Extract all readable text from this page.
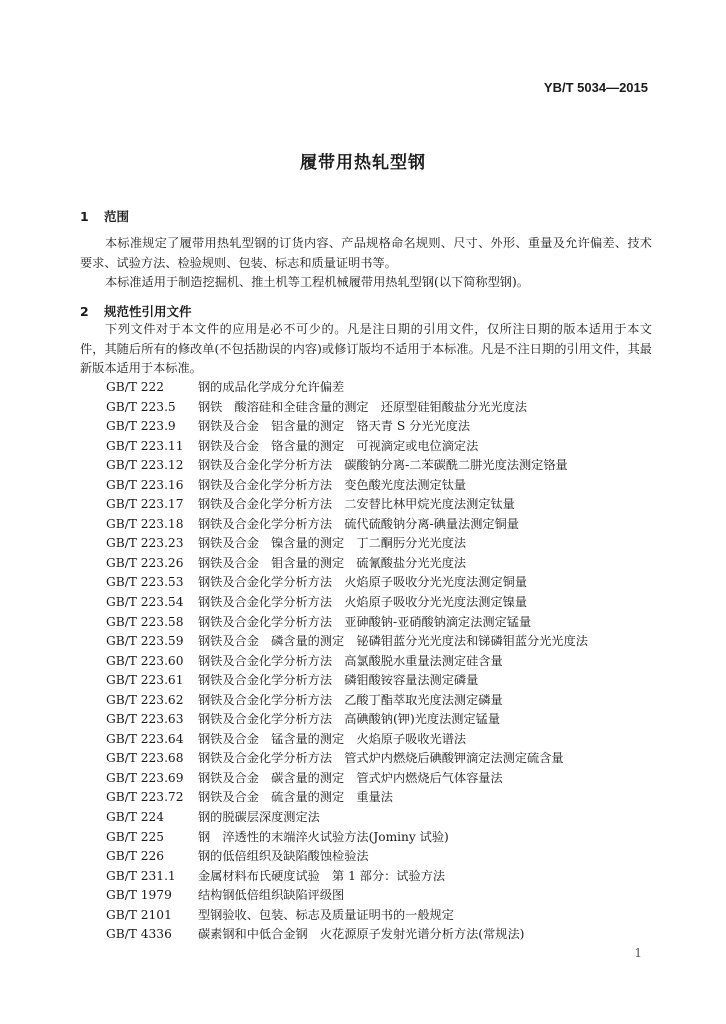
YB/T 5034—2015
履带用热轧型钢
1 范围

本标准规定了履带用热轧型钢的订货内容、产品规格命名规则、尺寸、外形、重量及允许偏差、技术要求、试验方法、检验规则、包装、标志和质量证明书等。

本标准适用于制造挖掘机、推土机等工程机械履带用热轧型钢(以下简称型钢)。

2 规范性引用文件

下列文件对于本文件的应用是必不可少的。凡是注日期的引用文件，仅所注日期的版本适用于本文件，其随后所有的修改单(不包括勘误的内容)或修订版均不适用于本标准。凡是不注日期的引用文件，其最新版本适用于本标准。

GB/T 222	钢的成品化学成分允许偏差
GB/T 223.5 钢铁　酸溶硅和全硅含量的测定　还原型硅钼酸盐分光光度法
GB/T 223.9 钢铁及合金　铝含量的测定　铬天青 S 分光光度法
GB/T 223.11 钢铁及合金　铬含量的测定　可视滴定或电位滴定法
GB/T 223.12 钢铁及合金化学分析方法　碳酸钠分离-二苯碳酰二肼光度法测定铬量
GB/T 223.16 钢铁及合金化学分析方法　变色酸光度法测定钛量
GB/T 223.17 钢铁及合金化学分析方法　二安替比林甲烷光度法测定钛量
GB/T 223.18 钢铁及合金化学分析方法　硫代硫酸钠分离-碘量法测定铜量
GB/T 223.23 钢铁及合金　镍含量的测定　丁二酮肟分光光度法
GB/T 223.26 钢铁及合金　钼含量的测定　硫氰酸盐分光光度法
GB/T 223.53 钢铁及合金化学分析方法　火焰原子吸收分光光度法测定铜量
GB/T 223.54 钢铁及合金化学分析方法　火焰原子吸收分光光度法测定镍量
GB/T 223.58 钢铁及合金化学分析方法　亚砷酸钠-亚硝酸钠滴定法测定锰量
GB/T 223.59 钢铁及合金　磷含量的测定　铋磷钼蓝分光光度法和锑磷钼蓝分光光度法
GB/T 223.60 钢铁及合金化学分析方法　高氯酸脱水重量法测定硅含量
GB/T 223.61 钢铁及合金化学分析方法　磷钼酸铵容量法测定磷量
GB/T 223.62 钢铁及合金化学分析方法　乙酸丁酯萃取光度法测定磷量
GB/T 223.63 钢铁及合金化学分析方法　高碘酸钠(钾)光度法测定锰量
GB/T 223.64 钢铁及合金　锰含量的测定　火焰原子吸收光谱法
GB/T 223.68 钢铁及合金化学分析方法　管式炉内燃烧后碘酸钾滴定法测定硫含量
GB/T 223.69 钢铁及合金　碳含量的测定　管式炉内燃烧后气体容量法
GB/T 223.72 钢铁及合金　硫含量的测定　重量法
GB/T 224	钢的脱碳层深度测定法
GB/T 225	钢　淬透性的末端淬火试验方法(Jominy 试验)
GB/T 226	钢的低倍组织及缺陷酸蚀检验法
GB/T 231.1 金属材料布氏硬度试验　第 1 部分：试验方法
GB/T 1979 结构钢低倍组织缺陷评级图
GB/T 2101 型钢验收、包装、标志及质量证明书的一般规定
GB/T 4336 碳素钢和中低合金钢　火花源原子发射光谱分析方法(常规法)
1
